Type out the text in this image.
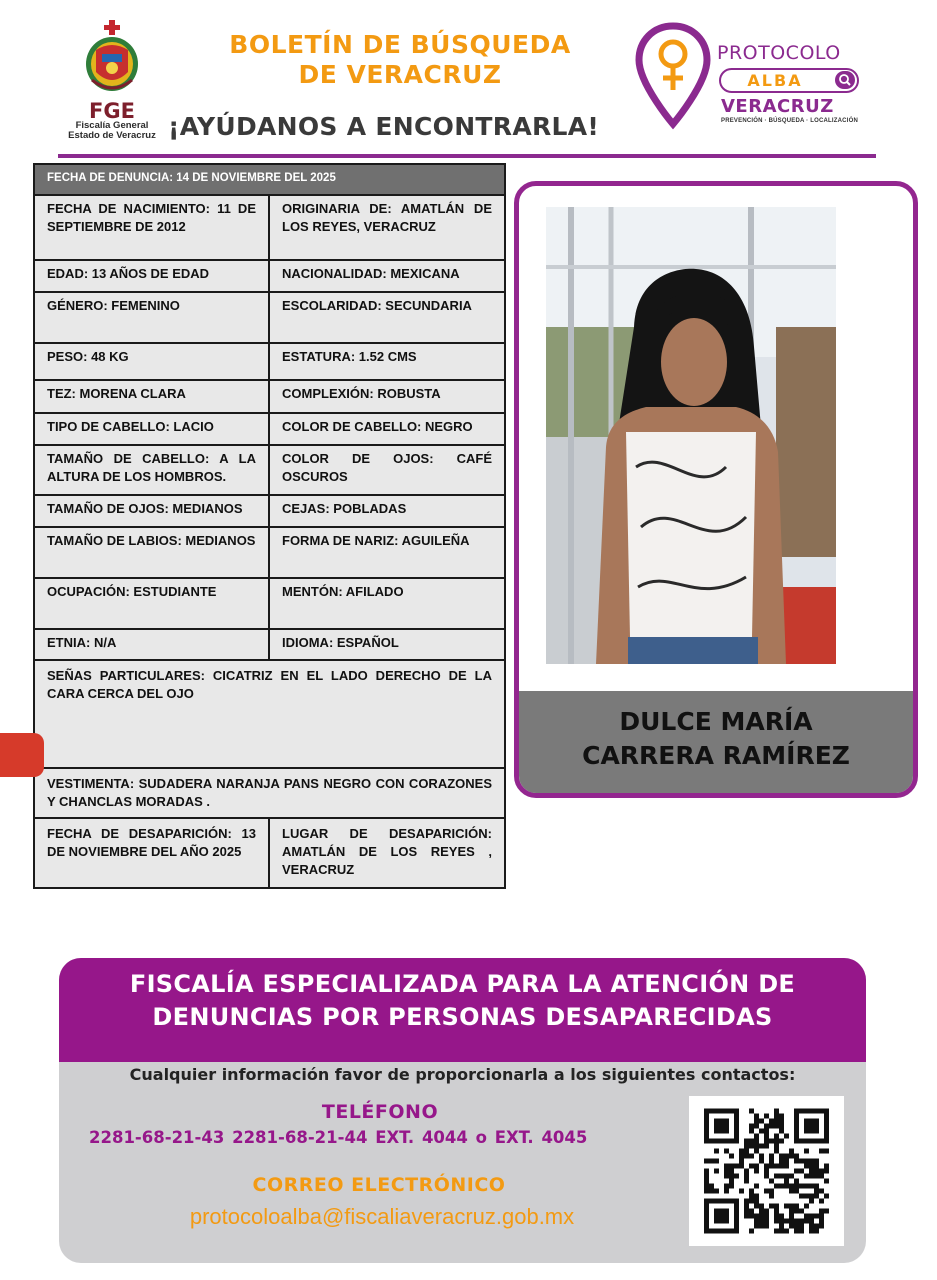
FGE
Fiscalía General
Estado de Veracruz
BOLETÍN DE BÚSQUEDA
DE VERACRUZ
¡AYÚDANOS A ENCONTRARLA!
PROTOCOLO
ALBA
VERACRUZ
PREVENCIÓN · BÚSQUEDA · LOCALIZACIÓN
FECHA DE DENUNCIA: 14 DE NOVIEMBRE DEL 2025	
FECHA DE NACIMIENTO: 11 DE SEPTIEMBRE DE 2012	ORIGINARIA DE: AMATLÁN DE LOS REYES, VERACRUZ
EDAD: 13 AÑOS DE EDAD	NACIONALIDAD: MEXICANA
GÉNERO: FEMENINO	ESCOLARIDAD: SECUNDARIA
PESO: 48 KG	ESTATURA: 1.52 CMS
TEZ: MORENA CLARA	COMPLEXIÓN: ROBUSTA
TIPO DE CABELLO: LACIO	COLOR DE CABELLO: NEGRO
TAMAÑO DE CABELLO: A LA ALTURA DE LOS HOMBROS.	COLOR DE OJOS: CAFÉ OSCUROS
TAMAÑO DE OJOS: MEDIANOS	CEJAS: POBLADAS
TAMAÑO DE LABIOS: MEDIANOS	FORMA DE NARIZ: AGUILEÑA
OCUPACIÓN: ESTUDIANTE	MENTÓN: AFILADO
ETNIA: N/A	IDIOMA: ESPAÑOL
SEÑAS PARTICULARES: CICATRIZ EN EL LADO DERECHO DE LA CARA CERCA DEL OJO	
VESTIMENTA: SUDADERA NARANJA PANS NEGRO CON CORAZONES Y CHANCLAS MORADAS .	
FECHA DE DESAPARICIÓN: 13 DE NOVIEMBRE DEL AÑO 2025	LUGAR DE DESAPARICIÓN: AMATLÁN DE LOS REYES , VERACRUZ
DULCE MARÍA
CARRERA RAMÍREZ
FISCALÍA ESPECIALIZADA PARA LA ATENCIÓN DE
DENUNCIAS POR PERSONAS DESAPARECIDAS
Cualquier información favor de proporcionarla a los siguientes contactos:
TELÉFONO
2281-68-21-43 2281-68-21-44 EXT. 4044 o EXT. 4045
CORREO ELECTRÓNICO
protocoloalba@fiscaliaveracruz.gob.mx
